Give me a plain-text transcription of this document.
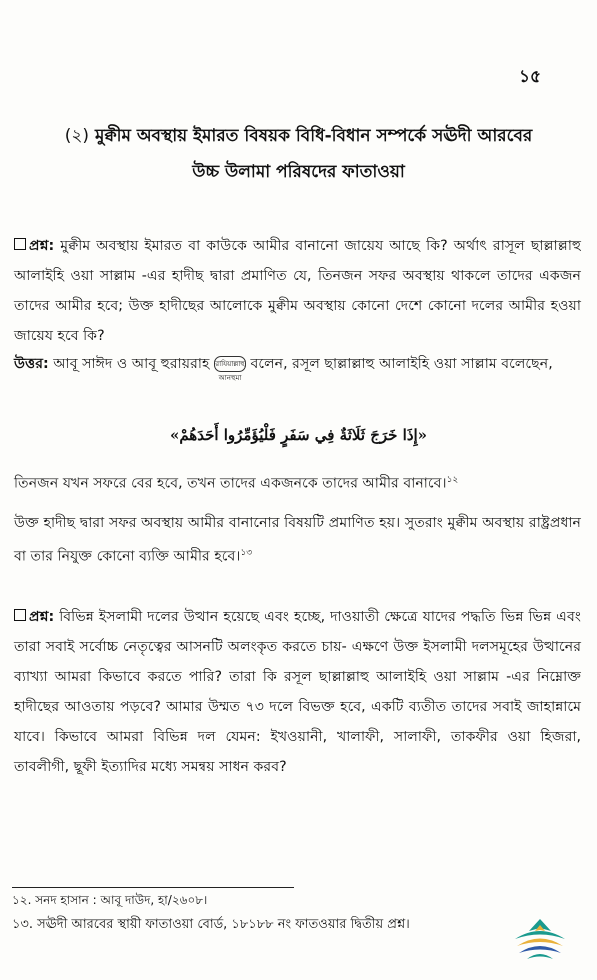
১৫
(২) মুক্বীম অবস্থায় ইমারত বিষয়ক বিধি-বিধান সম্পর্কে সঊদী আরবের
উচ্চ উলামা পরিষদের ফাতাওয়া
প্রশ্ন: মুক্বীম অবস্থায় ইমারত বা কাউকে আমীর বানানো জায়েয আছে কি? অর্থাৎ রাসূল ছাল্লাল্লাহু আলাইহি ওয়া সাল্লাম -এর হাদীছ দ্বারা প্রমাণিত যে, তিনজন সফর অবস্থায় থাকলে তাদের একজন তাদের আমীর হবে; উক্ত হাদীছের আলোকে মুক্বীম অবস্থায় কোনো দেশে কোনো দলের আমীর হওয়া জায়েয হবে কি?
উত্তর: আবূ সাঈদ ও আবূ হুরায়রাহ রাযিয়াল্লাহু আনহুমা বলেন, রসূল ছাল্লাল্লাহু আলাইহি ওয়া সাল্লাম বলেছেন,
«إِذَا خَرَجَ ثَلَاثَةٌ فِي سَفَرٍ فَلْيُؤَمِّرُوا أَحَدَهُمْ»
তিনজন যখন সফরে বের হবে, তখন তাদের একজনকে তাদের আমীর বানাবে।$^{১২}$
উক্ত হাদীছ দ্বারা সফর অবস্থায় আমীর বানানোর বিষয়টি প্রমাণিত হয়। সুতরাং মুক্বীম অবস্থায় রাষ্ট্রপ্রধান বা তার নিযুক্ত কোনো ব্যক্তি আমীর হবে।$^{১৩}$
প্রশ্ন: বিভিন্ন ইসলামী দলের উত্থান হয়েছে এবং হচ্ছে, দাওয়াতী ক্ষেত্রে যাদের পদ্ধতি ভিন্ন ভিন্ন এবং তারা সবাই সর্বোচ্চ নেতৃত্বের আসনটি অলংকৃত করতে চায়- এক্ষণে উক্ত ইসলামী দলসমূহের উত্থানের ব্যাখ্যা আমরা কিভাবে করতে পারি? তারা কি রসূল ছাল্লাল্লাহু আলাইহি ওয়া সাল্লাম -এর নিম্নোক্ত হাদীছের আওতায় পড়বে? আমার উম্মত ৭৩ দলে বিভক্ত হবে, একটি ব্যতীত তাদের সবাই জাহান্নামে যাবে। কিভাবে আমরা বিভিন্ন দল যেমন: ইখওয়ানী, খালাফী, সালাফী, তাকফীর ওয়া হিজরা, তাবলীগী, ছূফী ইত্যাদির মধ্যে সমন্বয় সাধন করব?
১২. সনদ হাসান : আবূ দাউদ, হা/২৬০৮।
১৩. সঊদী আরবের স্থায়ী ফাতাওয়া বোর্ড, ১৮১৮৮ নং ফাতওয়ার দ্বিতীয় প্রশ্ন।
